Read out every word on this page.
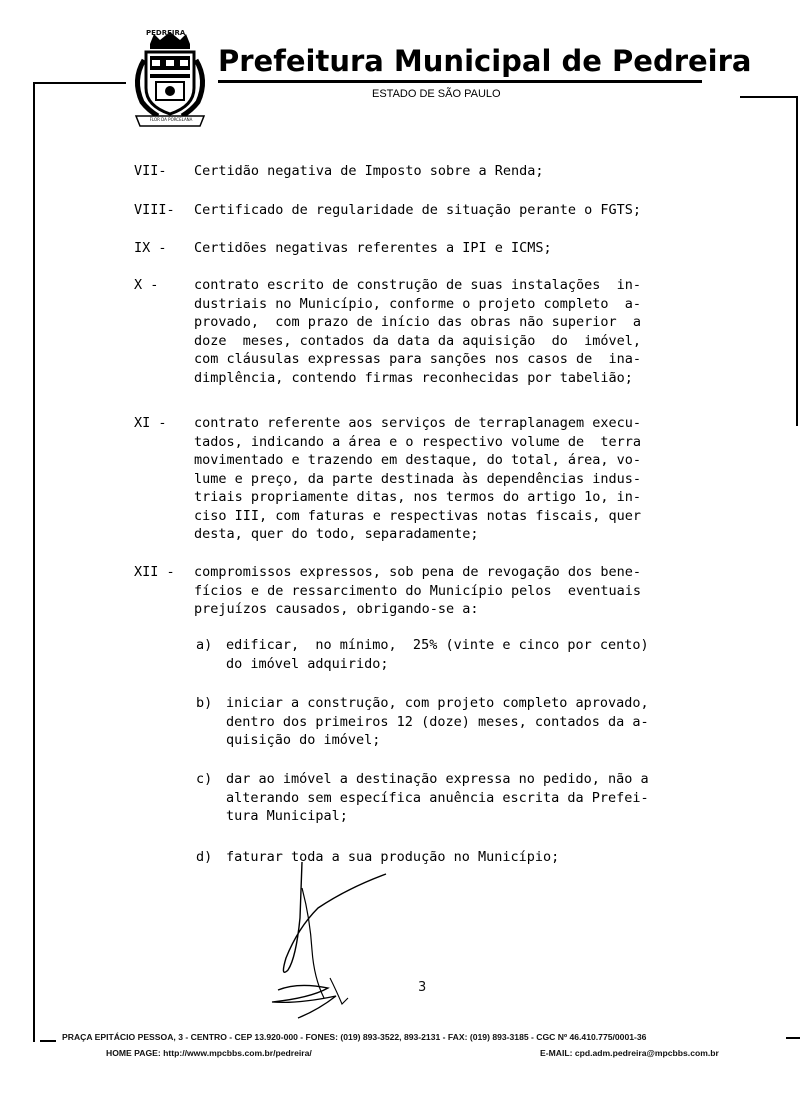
PEDREIRA
FLOR DA PORCELANA
Prefeitura Municipal de Pedreira
ESTADO DE SÃO PAULO
VII- Certidão negativa de Imposto sobre a Renda;
VIII- Certificado de regularidade de situação perante o FGTS;
IX - Certidões negativas referentes a IPI e ICMS;
X -	contrato escrito de construção de suas instalações  in-
dustriais no Município, conforme o projeto completo  a-
provado,  com prazo de início das obras não superior  a
doze  meses, contados da data da aquisição  do  imóvel,
com cláusulas expressas para sanções nos casos de  ina-
dimplência, contendo firmas reconhecidas por tabelião;
XI - contrato referente aos serviços de terraplanagem execu-
tados, indicando a área e o respectivo volume de  terra
movimentado e trazendo em destaque, do total, área, vo-
lume e preço, da parte destinada às dependências indus-
triais propriamente ditas, nos termos do artigo 1o, in-
ciso III, com faturas e respectivas notas fiscais, quer
desta, quer do todo, separadamente;
XII - compromissos expressos, sob pena de revogação dos bene-
fícios e de ressarcimento do Município pelos  eventuais
prejuízos causados, obrigando-se a:
a) edificar,  no mínimo,  25% (vinte e cinco por cento)
do imóvel adquirido;
b) iniciar a construção, com projeto completo aprovado,
dentro dos primeiros 12 (doze) meses, contados da a-
quisição do imóvel;
c) dar ao imóvel a destinação expressa no pedido, não a
alterando sem específica anuência escrita da Prefei-
tura Municipal;
d) faturar toda a sua produção no Município;
3
PRAÇA EPITÁCIO PESSOA, 3 - CENTRO - CEP 13.920-000 - FONES: (019) 893-3522, 893-2131 - FAX: (019) 893-3185 - CGC Nº 46.410.775/0001-36
HOME PAGE: http://www.mpcbbs.com.br/pedreira/	E-MAIL: cpd.adm.pedreira@mpcbbs.com.br
